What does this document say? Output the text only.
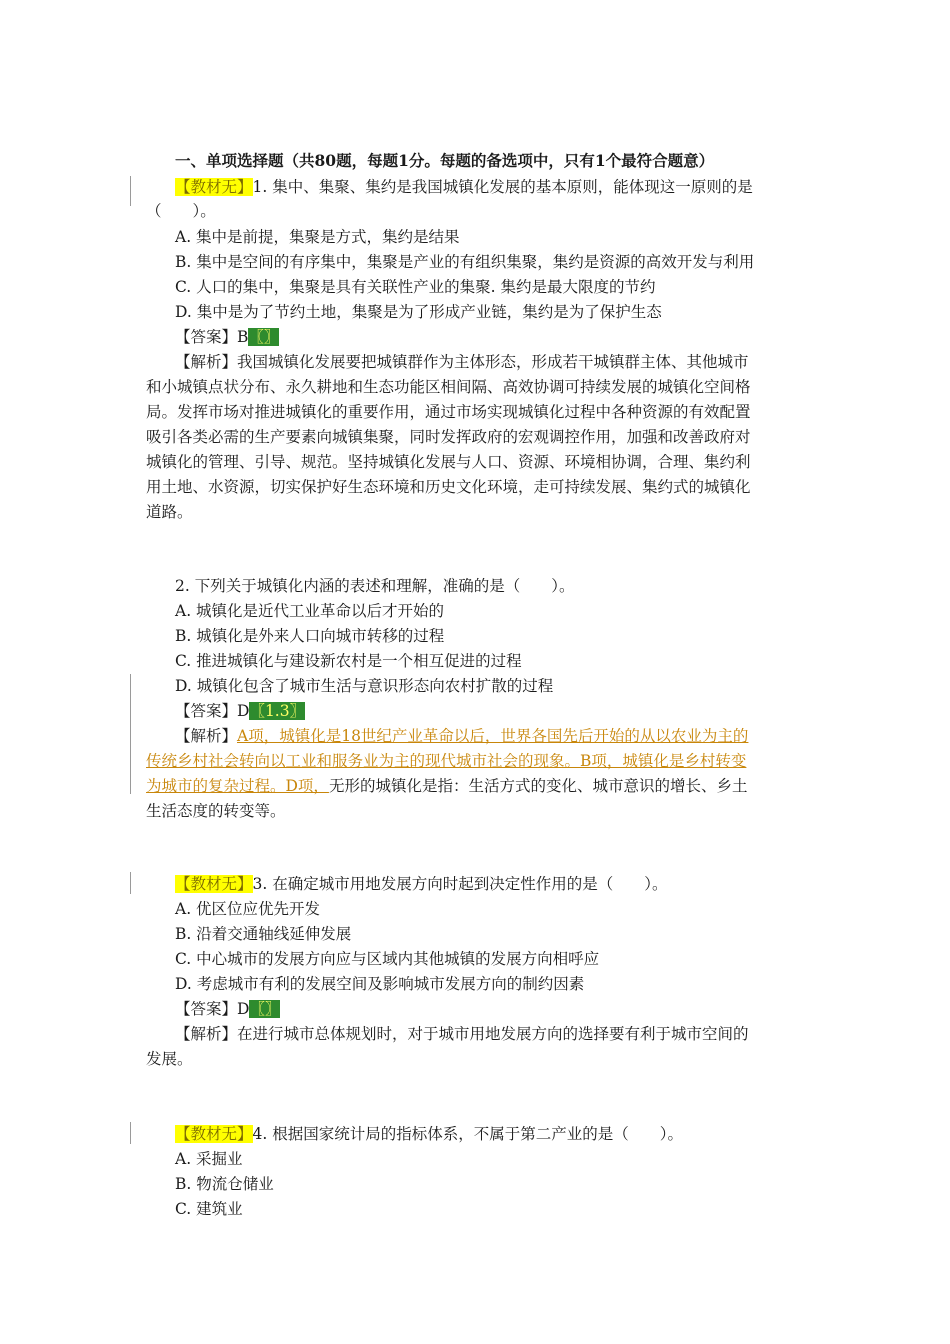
一、单项选择题（共80题，每题1分。每题的备选项中，只有1个最符合题意）
【教材无】1. 集中、集聚、集约是我国城镇化发展的基本原则，能体现这一原则的是
（　　）。
A. 集中是前提，集聚是方式，集约是结果
B. 集中是空间的有序集中，集聚是产业的有组织集聚，集约是资源的高效开发与利用
C. 人口的集中，集聚是具有关联性产业的集聚. 集约是最大限度的节约
D. 集中是为了节约土地，集聚是为了形成产业链，集约是为了保护生态
【答案】B〖〗
【解析】我国城镇化发展要把城镇群作为主体形态，形成若干城镇群主体、其他城市
和小城镇点状分布、永久耕地和生态功能区相间隔、高效协调可持续发展的城镇化空间格
局。发挥市场对推进城镇化的重要作用，通过市场实现城镇化过程中各种资源的有效配置
吸引各类必需的生产要素向城镇集聚，同时发挥政府的宏观调控作用，加强和改善政府对
城镇化的管理、引导、规范。坚持城镇化发展与人口、资源、环境相协调，合理、集约利
用土地、水资源，切实保护好生态环境和历史文化环境，走可持续发展、集约式的城镇化
道路。
2. 下列关于城镇化内涵的表述和理解，准确的是（　　）。
A. 城镇化是近代工业革命以后才开始的
B. 城镇化是外来人口向城市转移的过程
C. 推进城镇化与建设新农村是一个相互促进的过程
D. 城镇化包含了城市生活与意识形态向农村扩散的过程
【答案】D〖1.3〗
【解析】A项，城镇化是18世纪产业革命以后，世界各国先后开始的从以农业为主的
传统乡村社会转向以工业和服务业为主的现代城市社会的现象。B项，城镇化是乡村转变
为城市的复杂过程。D项，无形的城镇化是指：生活方式的变化、城市意识的增长、乡土
生活态度的转变等。
【教材无】3. 在确定城市用地发展方向时起到决定性作用的是（　　）。
A. 优区位应优先开发
B. 沿着交通轴线延伸发展
C. 中心城市的发展方向应与区域内其他城镇的发展方向相呼应
D. 考虑城市有利的发展空间及影响城市发展方向的制约因素
【答案】D〖〗
【解析】在进行城市总体规划时，对于城市用地发展方向的选择要有利于城市空间的
发展。
【教材无】4. 根据国家统计局的指标体系，不属于第二产业的是（　　）。
A. 采掘业
B. 物流仓储业
C. 建筑业
